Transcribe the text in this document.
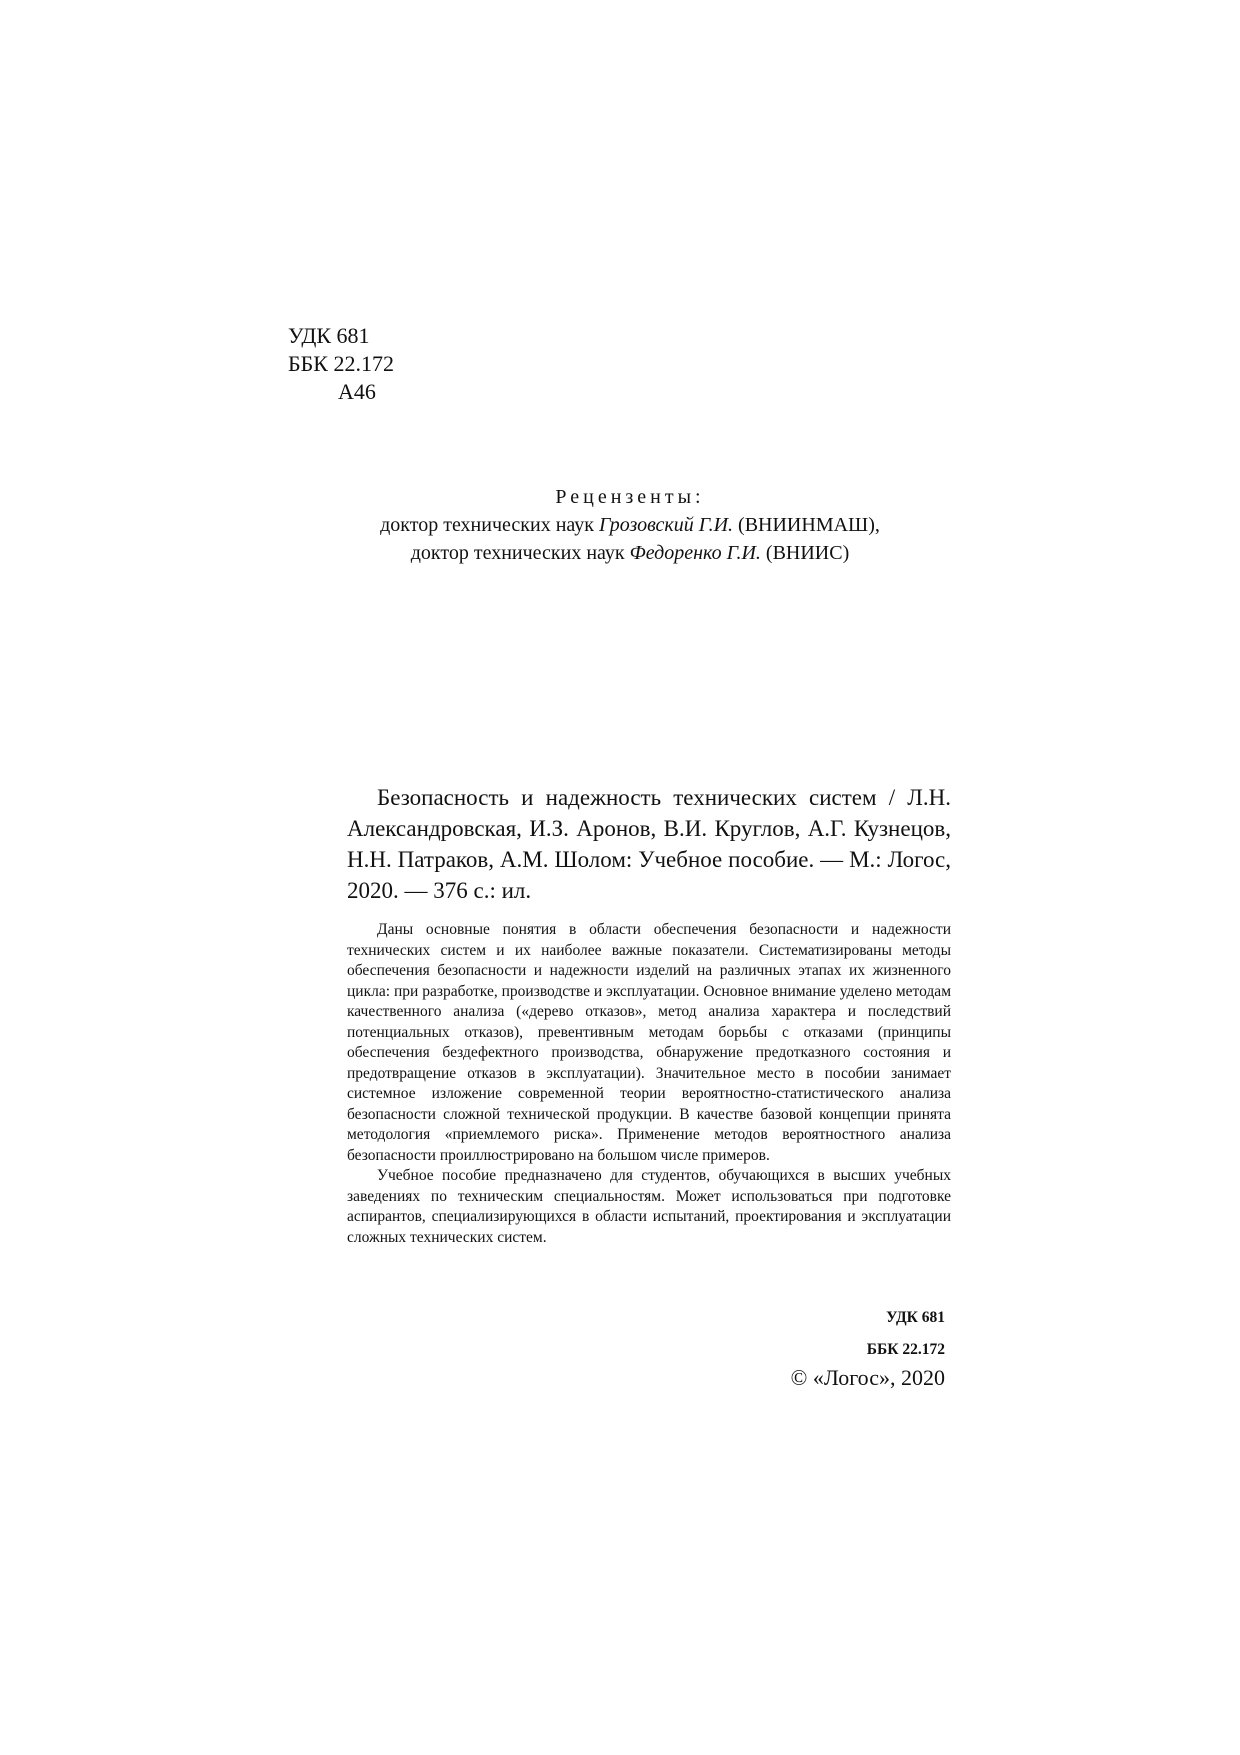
УДК 681
ББК 22.172
А46
Рецензенты:
доктор технических наук Грозовский Г.И. (ВНИИНМАШ),
доктор технических наук Федоренко Г.И. (ВНИИС)
Безопасность и надежность технических систем / Л.Н. Александровская, И.З. Аронов, В.И. Круглов, А.Г. Кузнецов, Н.Н. Патраков, А.М. Шолом: Учебное пособие. — М.: Логос, 2020. — 376 с.: ил.

Даны основные понятия в области обеспечения безопасности и надежности технических систем и их наиболее важные показатели. Систематизированы методы обеспечения безопасности и надежности изделий на различных этапах их жизненного цикла: при разработке, производстве и эксплуатации. Основное внимание уделено методам качественного анализа («дерево отказов», метод анализа характера и последствий потенциальных отказов), превентивным методам борьбы с отказами (принципы обеспечения бездефектного производства, обнаружение предотказного состояния и предотвращение отказов в эксплуатации). Значительное место в пособии занимает системное изложение современной теории вероятностно-статистического анализа безопасности сложной технической продукции. В качестве базовой концепции принята методология «приемлемого риска». Применение методов вероятностного анализа безопасности проиллюстрировано на большом числе примеров.

Учебное пособие предназначено для студентов, обучающихся в высших учебных заведениях по техническим специальностям. Может использоваться при подготовке аспирантов, специализирующихся в области испытаний, проектирования и эксплуатации сложных технических систем.

УДК 681
ББК 22.172
© «Логос», 2020
